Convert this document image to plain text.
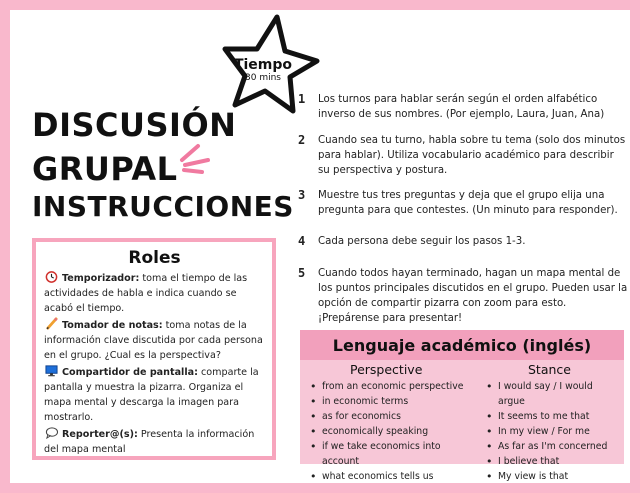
DISCUSIÓN
GRUPAL
INSTRUCCIONES
Tiempo
30 mins
Roles

Temporizador: toma el tiempo de las actividades de habla e indica cuando se acabó el tiempo.

Tomador de notas: toma notas de la información clave discutida por cada persona en el grupo. ¿Cual es la perspectiva?

Compartidor de pantalla: comparte la pantalla y muestra la pizarra. Organiza el mapa mental y descarga la imagen para mostrarlo.

Reporter@(s): Presenta la información del mapa mental

1 Los turnos para hablar serán según el orden alfabético inverso de sus nombres. (Por ejemplo, Laura, Juan, Ana)
2 Cuando sea tu turno, habla sobre tu tema (solo dos minutos para hablar). Utiliza vocabulario académico para describir su perspectiva y postura.
3 Muestre tus tres preguntas y deja que el grupo elija una pregunta para que contestes. (Un minuto para responder).
4 Cada persona debe seguir los pasos 1-3.
5 Cuando todos hayan terminado, hagan un mapa mental de los puntos principales discutidos en el grupo. Pueden usar la opción de compartir pizarra con zoom para esto. ¡Prepárense para presentar!
Lenguaje académico (inglés)
Perspective
• from an economic perspective
• in economic terms
• as for economics
• economically speaking
• if we take economics into account
• what economics tells us
Stance
• I would say / I would argue
• It seems to me that
• In my view / For me
• As far as I'm concerned
• I believe that
• My view is that
